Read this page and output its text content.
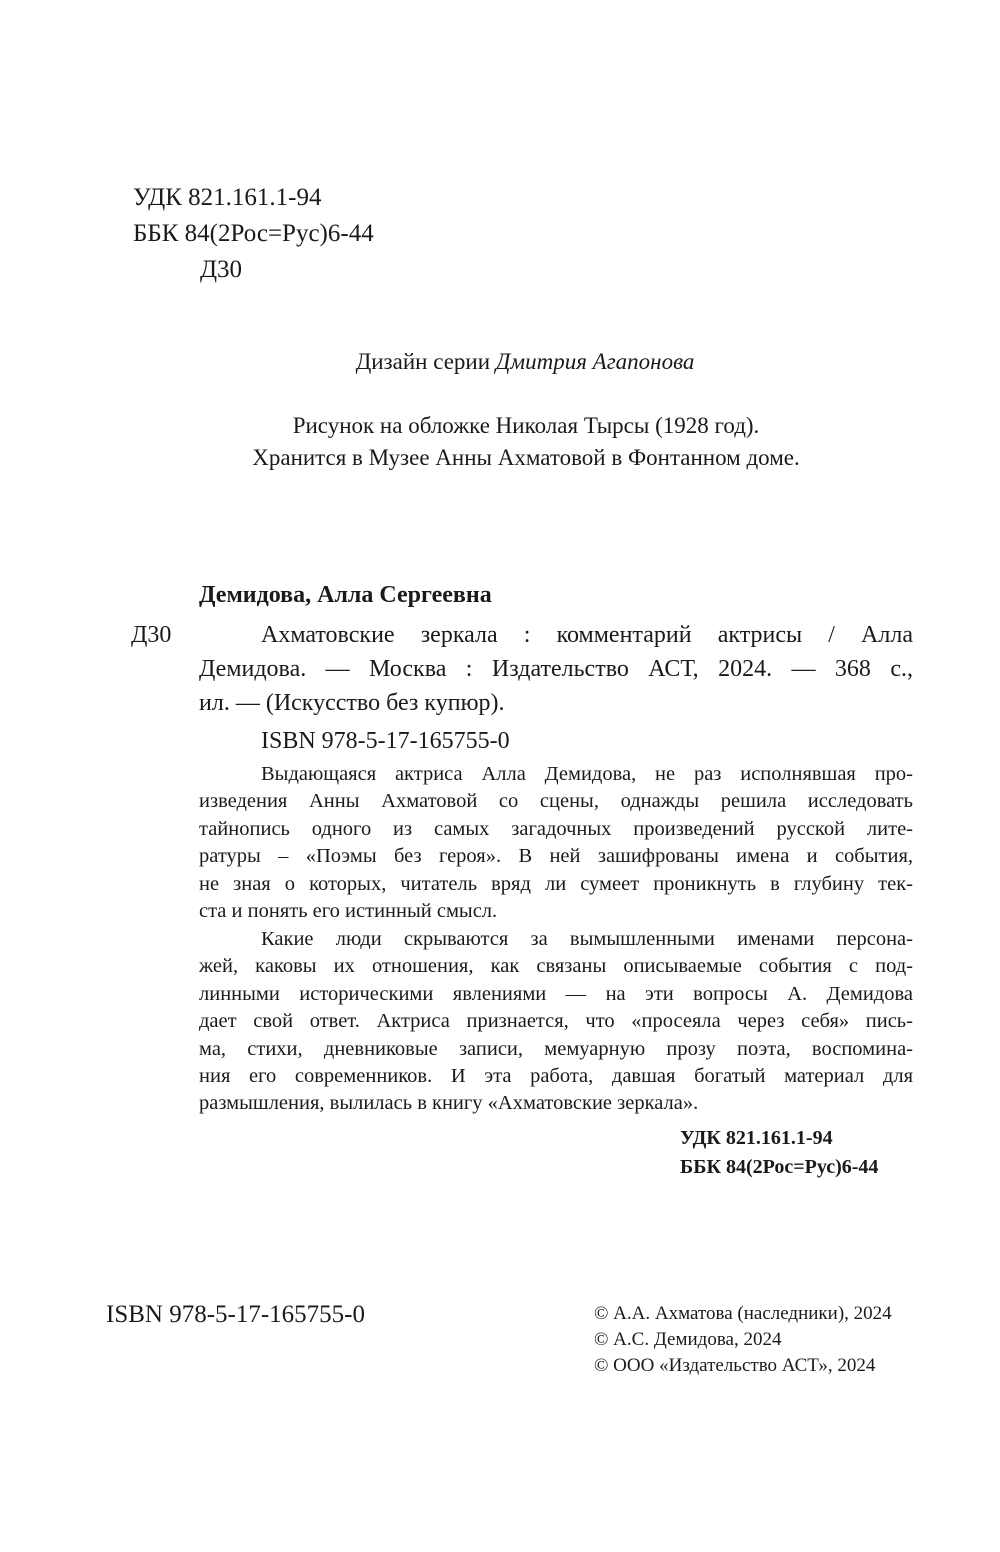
УДК 821.161.1-94
ББК 84(2Рос=Рус)6-44
Д30
Дизайн серии Дмитрия Агапонова
Рисунок на обложке Николая Тырсы (1928 год).
Хранится в Музее Анны Ахматовой в Фонтанном доме.
Демидова, Алла Сергеевна
Д30	Ахматовские зеркала : комментарий актрисы / Алла
Демидова. — Москва : Издательство АСТ, 2024. — 368 с.,
ил. — (Искусство без купюр).
ISBN 978-5-17-165755-0
Выдающаяся актриса Алла Демидова, не раз исполнявшая про-
изведения Анны Ахматовой со сцены, однажды решила исследовать
тайнопись одного из самых загадочных произведений русской лите-
ратуры – «Поэмы без героя». В ней зашифрованы имена и события,
не зная о которых, читатель вряд ли сумеет проникнуть в глубину тек-
ста и понять его истинный смысл.
Какие люди скрываются за вымышленными именами персона-
жей, каковы их отношения, как связаны описываемые события с под-
линными историческими явлениями — на эти вопросы А. Демидова
дает свой ответ. Актриса признается, что «просеяла через себя» пись-
ма, стихи, дневниковые записи, мемуарную прозу поэта, воспомина-
ния его современников. И эта работа, давшая богатый материал для
размышления, вылилась в книгу «Ахматовские зеркала».
УДК 821.161.1-94
ББК 84(2Рос=Рус)6-44
ISBN 978-5-17-165755-0	© А.А. Ахматова (наследники), 2024
© А.С. Демидова, 2024
© ООО «Издательство АСТ», 2024
